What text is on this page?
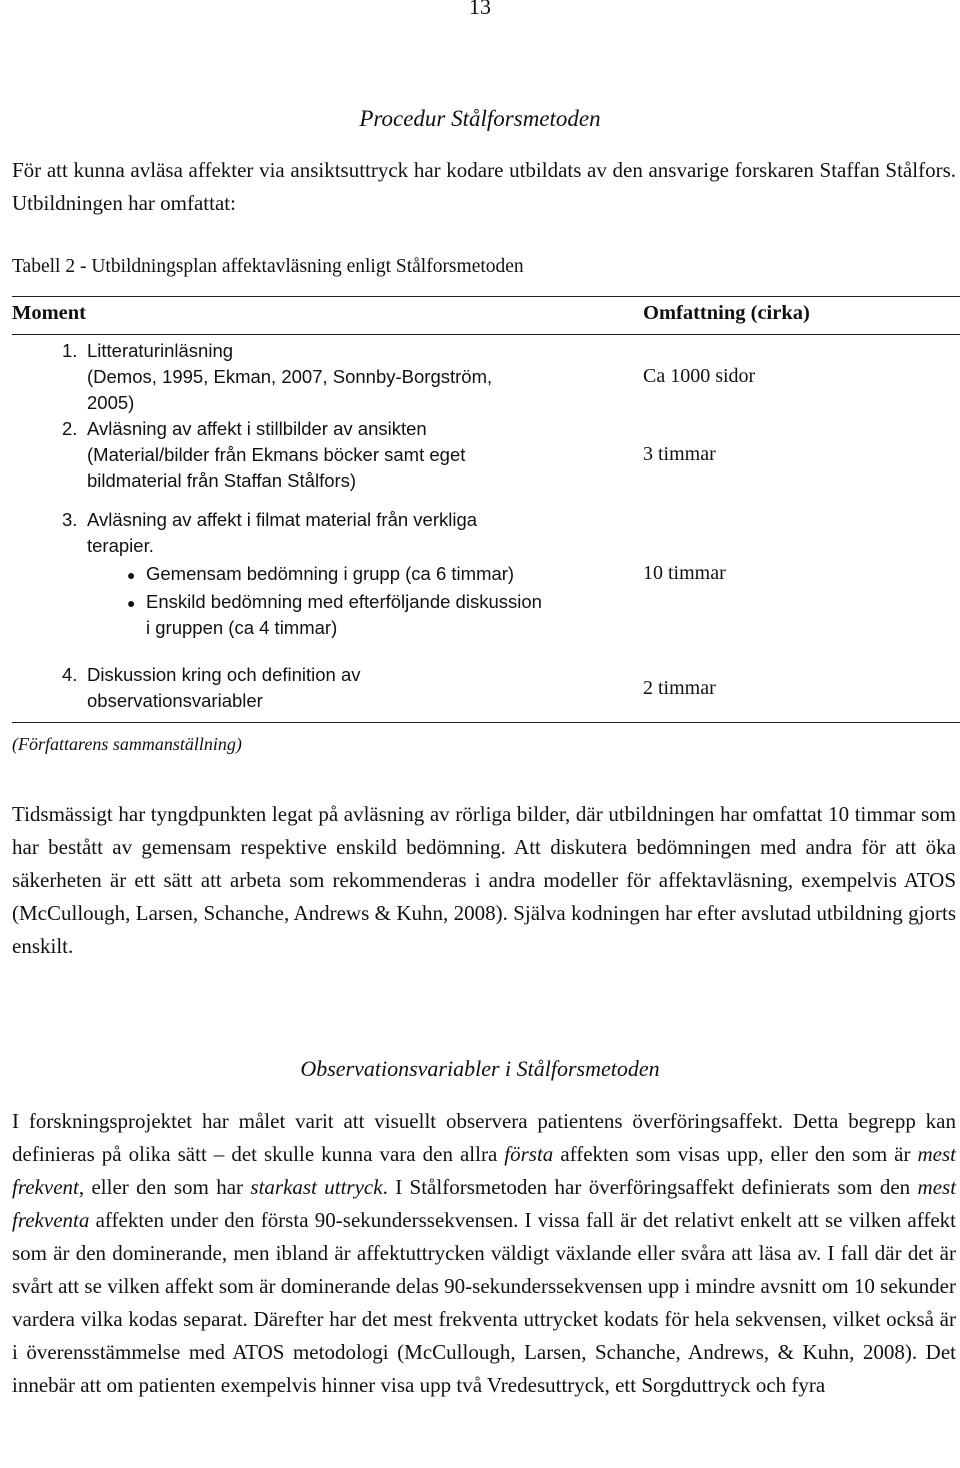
13
Procedur Stålforsmetoden

För att kunna avläsa affekter via ansiktsuttryck har kodare utbildats av den ansvarige forskaren Staffan Stålfors. Utbildningen har omfattat:

Tabell 2 - Utbildningsplan affektavläsning enligt Stålforsmetoden
Moment	Omfattning (cirka)
1. Litteraturinläsning
(Demos, 1995, Ekman, 2007, Sonnby-Borgström,
2005)
Ca 1000 sidor
2. Avläsning av affekt i stillbilder av ansikten
(Material/bilder från Ekmans böcker samt eget
bildmaterial från Staffan Stålfors)
3 timmar
3. Avläsning av affekt i filmat material från verkliga
terapier.
● Gemensam bedömning i grupp (ca 6 timmar)
● Enskild bedömning med efterföljande diskussion
i gruppen (ca 4 timmar)
10 timmar
4. Diskussion kring och definition av
observationsvariabler
2 timmar
(Författarens sammanställning)

Tidsmässigt har tyngdpunkten legat på avläsning av rörliga bilder, där utbildningen har omfattat 10 timmar som har bestått av gemensam respektive enskild bedömning. Att diskutera bedömningen med andra för att öka säkerheten är ett sätt att arbeta som rekommenderas i andra modeller för affektavläsning, exempelvis ATOS (McCullough, Larsen, Schanche, Andrews & Kuhn, 2008). Själva kodningen har efter avslutad utbildning gjorts enskilt.

Observationsvariabler i Stålforsmetoden

I forskningsprojektet har målet varit att visuellt observera patientens överföringsaffekt. Detta begrepp kan definieras på olika sätt – det skulle kunna vara den allra första affekten som visas upp, eller den som är mest frekvent, eller den som har starkast uttryck. I Stålforsmetoden har överföringsaffekt definierats som den mest frekventa affekten under den första 90-sekunderssekvensen. I vissa fall är det relativt enkelt att se vilken affekt som är den dominerande, men ibland är affektuttrycken väldigt växlande eller svåra att läsa av. I fall där det är svårt att se vilken affekt som är dominerande delas 90-sekunderssekvensen upp i mindre avsnitt om 10 sekunder vardera vilka kodas separat. Därefter har det mest frekventa uttrycket kodats för hela sekvensen, vilket också är i överensstämmelse med ATOS metodologi (McCullough, Larsen, Schanche, Andrews, & Kuhn, 2008). Det innebär att om patienten exempelvis hinner visa upp två Vredesuttryck, ett Sorgduttryck och fyra
